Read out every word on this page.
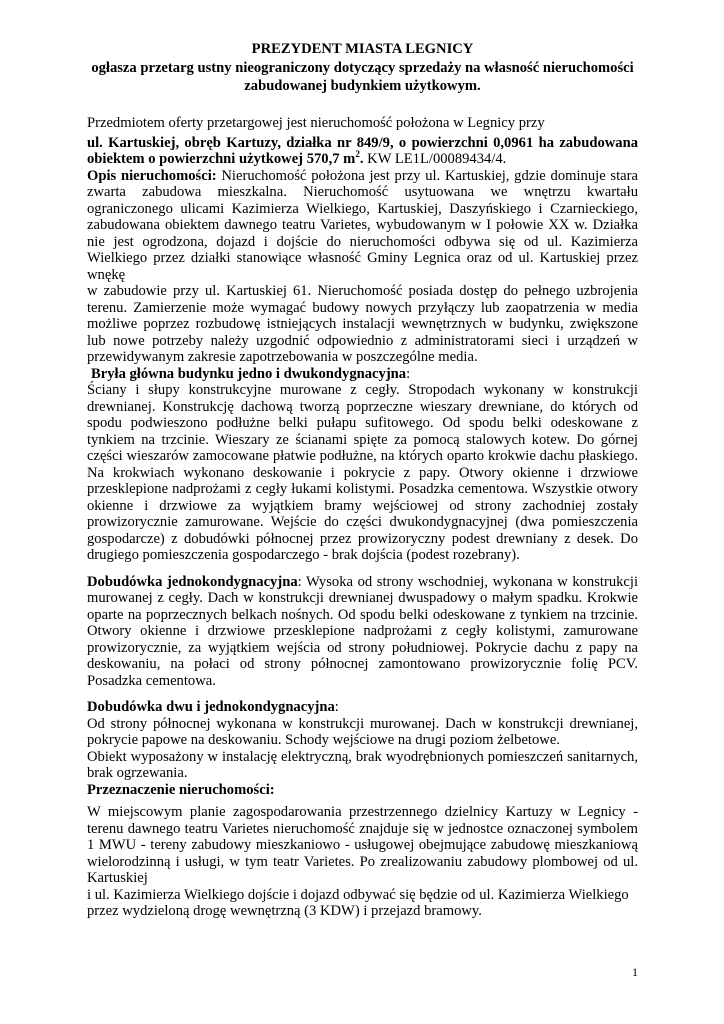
PREZYDENT MIASTA LEGNICY

ogłasza przetarg ustny nieograniczony dotyczący sprzedaży na własność nieruchomości

zabudowanej budynkiem użytkowym.

Przedmiotem oferty przetargowej jest nieruchomość położona w Legnicy przy

ul. Kartuskiej, obręb Kartuzy, działka nr 849/9, o powierzchni 0,0961 ha zabudowana obiektem o powierzchni użytkowej 570,7 $m^2$. KW LE1L/00089434/4.

Opis nieruchomości: Nieruchomość położona jest przy ul. Kartuskiej, gdzie dominuje stara zwarta zabudowa mieszkalna. Nieruchomość usytuowana we wnętrzu kwartału ograniczonego ulicami Kazimierza Wielkiego, Kartuskiej, Daszyńskiego i Czarnieckiego, zabudowana obiektem dawnego teatru Varietes, wybudowanym w I połowie XX w. Działka nie jest ogrodzona, dojazd i dojście do nieruchomości odbywa się od ul. Kazimierza Wielkiego przez działki stanowiące własność Gminy Legnica oraz od ul. Kartuskiej przez wnękę

w zabudowie przy ul. Kartuskiej 61. Nieruchomość posiada dostęp do pełnego uzbrojenia terenu. Zamierzenie może wymagać budowy nowych przyłączy lub zaopatrzenia w media możliwe poprzez rozbudowę istniejących instalacji wewnętrznych w budynku, zwiększone lub nowe potrzeby należy uzgodnić odpowiednio z administratorami sieci i urządzeń w przewidywanym zakresie zapotrzebowania w poszczególne media.

Bryła główna budynku jedno i dwukondygnacyjna:

Ściany i słupy konstrukcyjne murowane z cegły. Stropodach wykonany w konstrukcji drewnianej. Konstrukcję dachową tworzą poprzeczne wieszary drewniane, do których od spodu podwieszono podłużne belki pułapu sufitowego. Od spodu belki odeskowane z tynkiem na trzcinie. Wieszary ze ścianami spięte za pomocą stalowych kotew. Do górnej części wieszarów zamocowane płatwie podłużne, na których oparto krokwie dachu płaskiego. Na krokwiach wykonano deskowanie i pokrycie z papy. Otwory okienne i drzwiowe przesklepione nadprożami z cegły łukami kolistymi. Posadzka cementowa. Wszystkie otwory okienne i drzwiowe za wyjątkiem bramy wejściowej od strony zachodniej zostały prowizorycznie zamurowane. Wejście do części dwukondygnacyjnej (dwa pomieszczenia gospodarcze) z dobudówki północnej przez prowizoryczny podest drewniany z desek. Do drugiego pomieszczenia gospodarczego - brak dojścia (podest rozebrany).

Dobudówka jednokondygnacyjna: Wysoka od strony wschodniej, wykonana w konstrukcji murowanej z cegły. Dach w konstrukcji drewnianej dwuspadowy o małym spadku. Krokwie oparte na poprzecznych belkach nośnych. Od spodu belki odeskowane z tynkiem na trzcinie. Otwory okienne i drzwiowe przesklepione nadprożami z cegły kolistymi, zamurowane prowizorycznie, za wyjątkiem wejścia od strony południowej. Pokrycie dachu z papy na deskowaniu, na połaci od strony północnej zamontowano prowizorycznie folię PCV. Posadzka cementowa.

Dobudówka dwu i jednokondygnacyjna:

Od strony północnej wykonana w konstrukcji murowanej. Dach w konstrukcji drewnianej, pokrycie papowe na deskowaniu. Schody wejściowe na drugi poziom żelbetowe.

Obiekt wyposażony w instalację elektryczną, brak wyodrębnionych pomieszczeń sanitarnych, brak ogrzewania.

Przeznaczenie nieruchomości:

W miejscowym planie zagospodarowania przestrzennego dzielnicy Kartuzy w Legnicy - terenu dawnego teatru Varietes nieruchomość znajduje się w jednostce oznaczonej symbolem 1 MWU - tereny zabudowy mieszkaniowo - usługowej obejmujące zabudowę mieszkaniową wielorodzinną i usługi, w tym teatr Varietes. Po zrealizowaniu zabudowy plombowej od ul. Kartuskiej

i ul. Kazimierza Wielkiego dojście i dojazd odbywać się będzie od ul. Kazimierza Wielkiego

przez wydzieloną drogę wewnętrzną (3 KDW) i przejazd bramowy.

1
